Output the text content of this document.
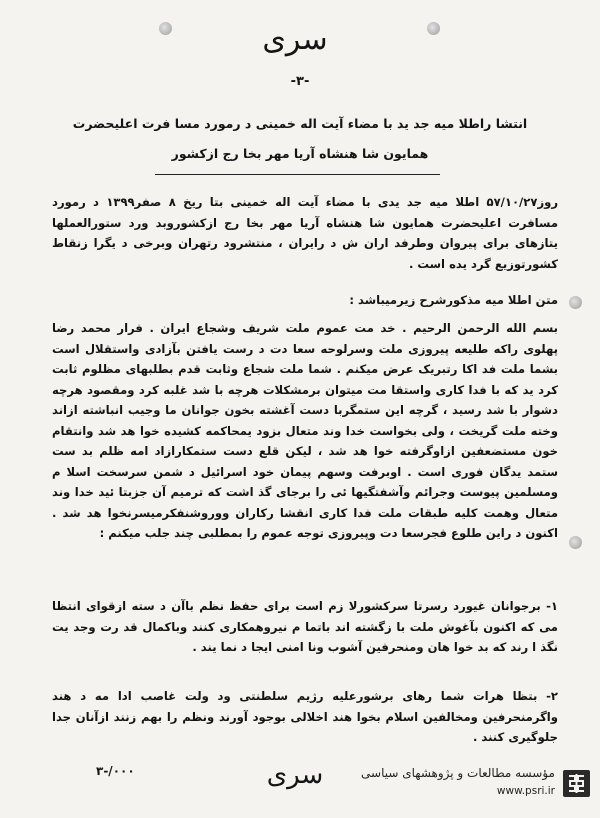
سری
-۳-
انتشا راطلا میه جد ید با مضاء آیت اله خمینی د رمورد مسا فرت اعلیحضرت
همایون شا هنشاه آریا مهر بخا رج ازکشور

روز۵۷/۱۰/۲۷ اطلا میه جد یدی با مضاء آیت اله خمینی بتا ریخ ۸ صفر۱۳۹۹ د رمورد مسافرت اعلیحضرت همایون شا هنشاه آریا مهر بخا رج ازکشوروبد ورد ستورالعملها یتازهای برای پیروان وطرفد اران ش د رایران ، منتشرود رتهران وبرخی د یگرا زنقاط کشورتوزیع گرد یده است .

متن اطلا میه مذکورشرح زیرمیباشد :

بسم الله الرحمن الرحیم . خد مت عموم ملت شریف وشجاع ایران . فرار محمد رضا پهلوی راکه طلیعه پیروزی ملت وسرلوحه سعا دت د رست یافتن بآزادی واستقلال است بشما ملت فد اکا رتبریک عرض میکنم . شما ملت شجاع وثابت قدم بطلبهای مظلوم ثابت کرد ید که با فدا کاری واستقا مت میتوان برمشکلات هرچه با شد غلبه کرد ومقصود هرچه دشوار با شد رسید ، گرچه این ستمگربا دست آغشته بخون جوانان ما وجیب انباشته ازاند وخته ملت گریخت ، ولی بخواست خدا وند متعال بزود یمحاکمه کشیده خوا هد شد وانتقام خون مستضعفین ازاوگرفته خوا هد شد ، لیکن قلع دست ستمکارازاد امه ظلم بد ست ستمد یدگان فوری است . اوبرفت وسهم پیمان خود اسرائیل د شمن سرسخت اسلا م ومسلمین پیوست وجرائم وآشفتگیها ئی را برجای گذ اشت که ترمیم آن جزبتا ئید خدا وند متعال وهمت کلیه طبقات ملت فدا کاری انقشا رکاران ووروشنفکرمیسرنخوا هد شد . اکنون د راین طلوع فجرسعا دت وپیروزی توجه عموم را بمطلبی چند جلب میکنم :

۱- برجوانان غیورد رسرتا سرکشورلا زم است برای حفظ نظم باآن د سته ازقوای انتظا می که اکنون بآغوش ملت با زگشته اند باتما م نیروهمکاری کنند وباکمال قد رت وجد یت نگذ ا رند که بد خوا هان ومنحرفین آشوب ونا امنی ایجا د نما یند .

۲- بتظا هرات شما رهای برشورعلیه رژیم سلطنتی ود ولت غاصب ادا مه د هند واگرمنحرفین ومخالفین اسلام بخوا هند اخلالی بوجود آورند ونظم را بهم زنند ازآنان جدا جلوگیری کنند .

۳-/۰۰۰	سری	مؤسسه مطالعات و پژوهشهای سیاسی
www.psri.ir
